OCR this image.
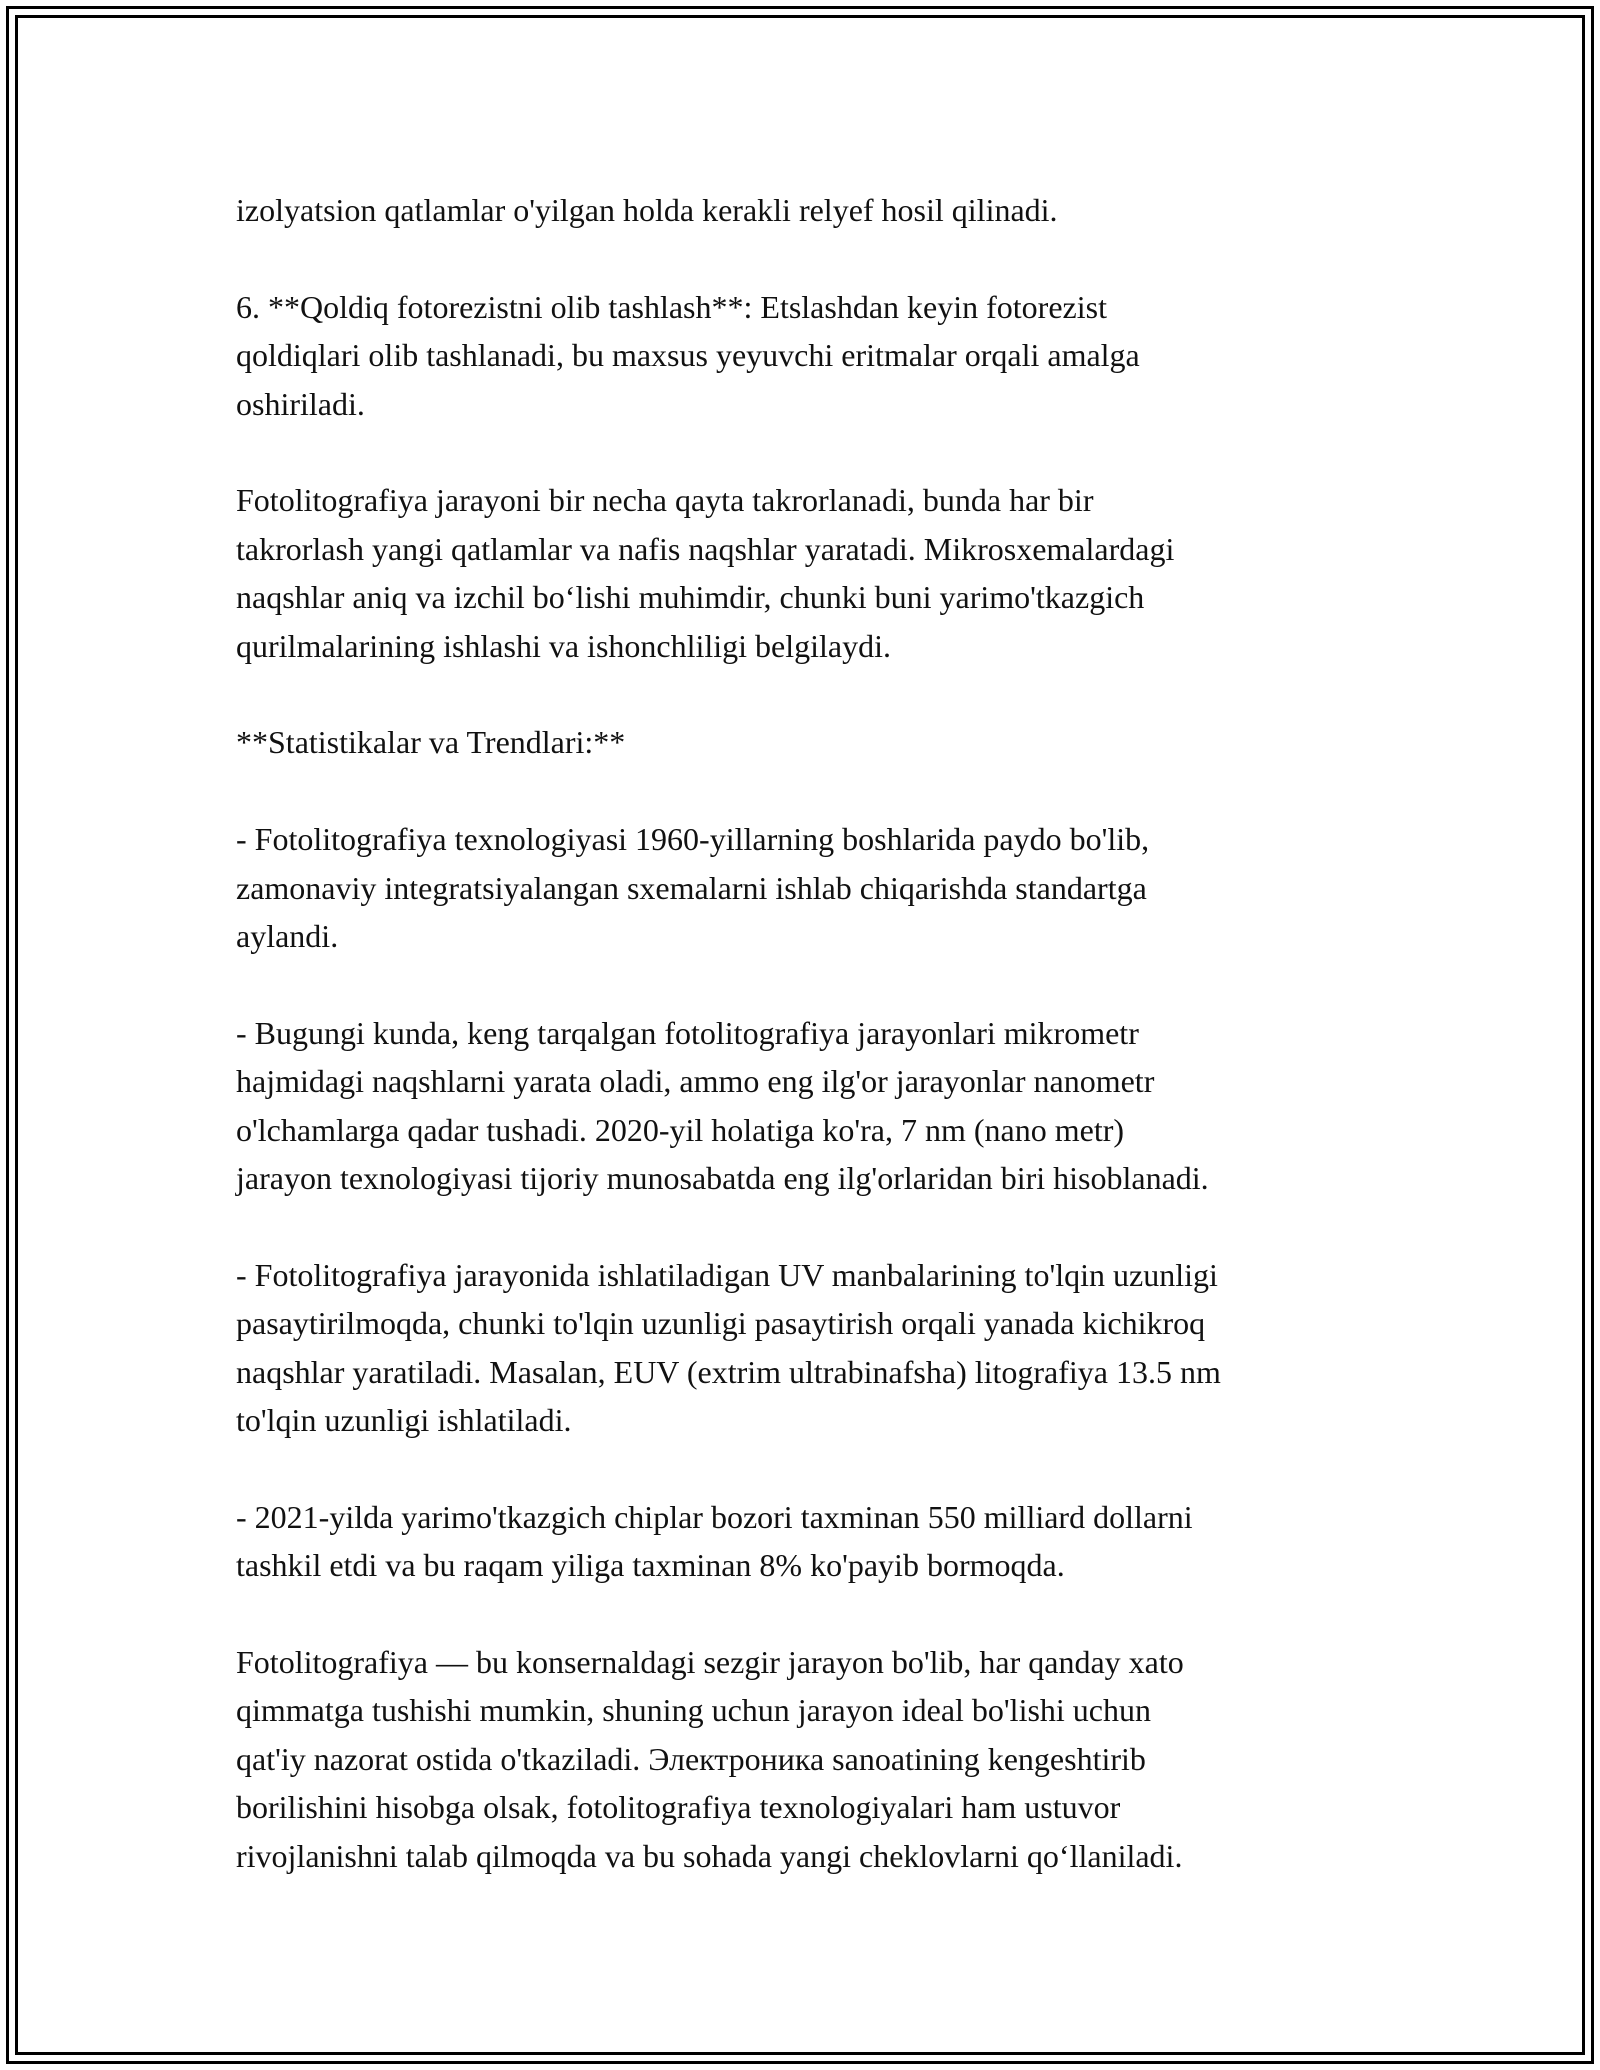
izolyatsion qatlamlar o'yilgan holda kerakli relyef hosil qilinadi.

6. **Qoldiq fotorezistni olib tashlash**: Etslashdan keyin fotorezist
qoldiqlari olib tashlanadi, bu maxsus yeyuvchi eritmalar orqali amalga
oshiriladi.

Fotolitografiya jarayoni bir necha qayta takrorlanadi, bunda har bir
takrorlash yangi qatlamlar va nafis naqshlar yaratadi. Mikrosxemalardagi
naqshlar aniq va izchil bo‘lishi muhimdir, chunki buni yarimo'tkazgich
qurilmalarining ishlashi va ishonchliligi belgilaydi.

**Statistikalar va Trendlari:**

- Fotolitografiya texnologiyasi 1960-yillarning boshlarida paydo bo'lib,
zamonaviy integratsiyalangan sxemalarni ishlab chiqarishda standartga
aylandi.

- Bugungi kunda, keng tarqalgan fotolitografiya jarayonlari mikrometr
hajmidagi naqshlarni yarata oladi, ammo eng ilg'or jarayonlar nanometr
o'lchamlarga qadar tushadi. 2020-yil holatiga ko'ra, 7 nm (nano metr)
jarayon texnologiyasi tijoriy munosabatda eng ilg'orlaridan biri hisoblanadi.

- Fotolitografiya jarayonida ishlatiladigan UV manbalarining to'lqin uzunligi
pasaytirilmoqda, chunki to'lqin uzunligi pasaytirish orqali yanada kichikroq
naqshlar yaratiladi. Masalan, EUV (extrim ultrabinafsha) litografiya 13.5 nm
to'lqin uzunligi ishlatiladi.

- 2021-yilda yarimo'tkazgich chiplar bozori taxminan 550 milliard dollarni
tashkil etdi va bu raqam yiliga taxminan 8% ko'payib bormoqda.

Fotolitografiya — bu konsernaldagi sezgir jarayon bo'lib, har qanday xato
qimmatga tushishi mumkin, shuning uchun jarayon ideal bo'lishi uchun
qat'iy nazorat ostida o'tkaziladi. Электроника sanoatining kengeshtirib
borilishini hisobga olsak, fotolitografiya texnologiyalari ham ustuvor
rivojlanishni talab qilmoqda va bu sohada yangi cheklovlarni qo‘llaniladi.
